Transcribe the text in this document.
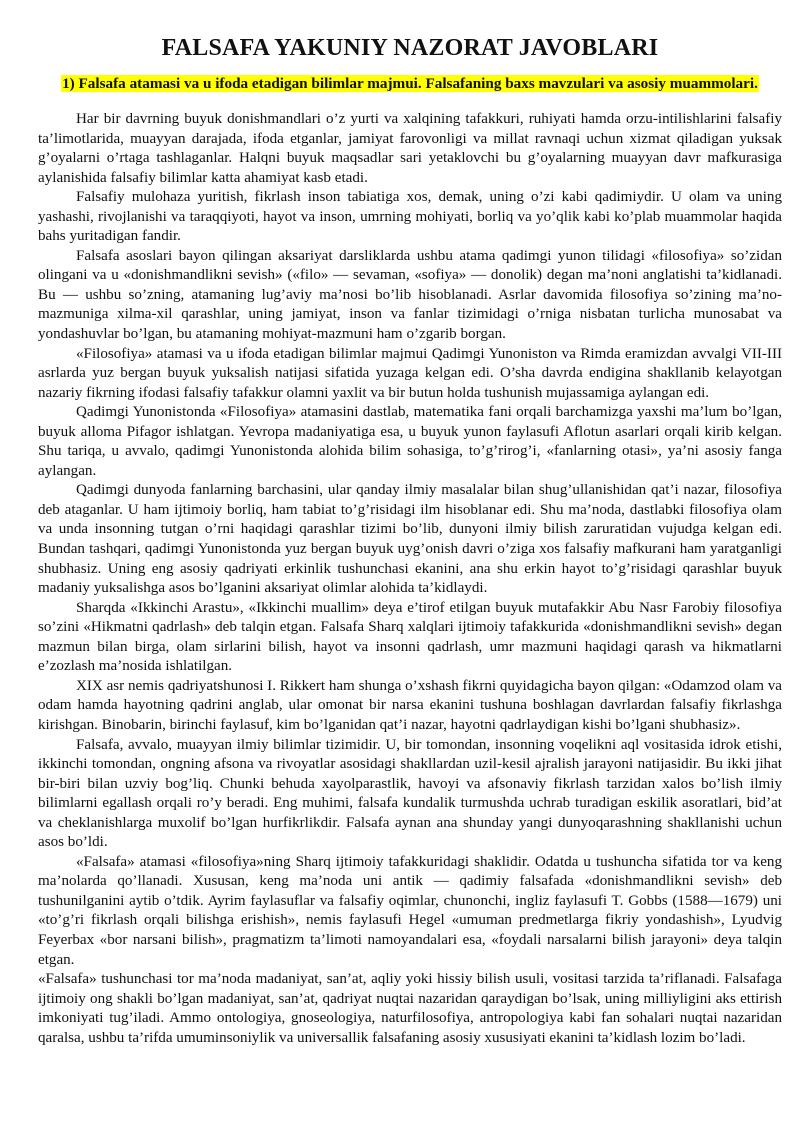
FALSAFA YAKUNIY NAZORAT JAVOBLARI
1) Falsafa atamasi va u ifoda etadigan bilimlar majmui. Falsafaning baxs mavzulari va asosiy muammolari.

Har bir davrning buyuk donishmandlari o’z yurti va xalqining tafakkuri, ruhiyati hamda orzu-intilishlarini falsafiy ta’limotlarida, muayyan darajada, ifoda etganlar, jamiyat farovonligi va millat ravnaqi uchun xizmat qiladigan yuksak g’oyalarni o’rtaga tashlaganlar. Halqni buyuk maqsadlar sari yetaklovchi bu g’oyalarning muayyan davr mafkurasiga aylanishida falsafiy bilimlar katta ahamiyat kasb etadi.

Falsafiy mulohaza yuritish, fikrlash inson tabiatiga xos, demak, uning o’zi kabi qadimiydir. U olam va uning yashashi, rivojlanishi va taraqqiyoti, hayot va inson, umrning mohiyati, borliq va yo’qlik kabi ko’plab muammolar haqida bahs yuritadigan fandir.

Falsafa asoslari bayon qilingan aksariyat darsliklarda ushbu atama qadimgi yunon tilidagi «filosofiya» so’zidan olingani va u «donishmandlikni sevish» («filo» — sevaman, «sofiya» — donolik) degan ma’noni anglatishi ta’kidlanadi. Bu — ushbu so’zning, atamaning lug’aviy ma’nosi bo’lib hisoblanadi. Asrlar davomida filosofiya so’zining ma’no-mazmuniga xilma-xil qarashlar, uning jamiyat, inson va fanlar tizimidagi o’rniga nisbatan turlicha munosabat va yondashuvlar bo’lgan, bu atamaning mohiyat-mazmuni ham o’zgarib borgan.

«Filosofiya» atamasi va u ifoda etadigan bilimlar majmui Qadimgi Yunoniston va Rimda eramizdan avvalgi VII-III asrlarda yuz bergan buyuk yuksalish natijasi sifatida yuzaga kelgan edi. O’sha davrda endigina shakllanib kelayotgan nazariy fikrning ifodasi falsafiy tafakkur olamni yaxlit va bir butun holda tushunish mujassamiga aylangan edi.

Qadimgi Yunonistonda «Filosofiya» atamasini dastlab, matematika fani orqali barchamizga yaxshi ma’lum bo’lgan, buyuk alloma Pifagor ishlatgan. Yevropa madaniyatiga esa, u buyuk yunon faylasufi Aflotun asarlari orqali kirib kelgan. Shu tariqa, u avvalo, qadimgi Yunonistonda alohida bilim sohasiga, to’g’rirog’i, «fanlarning otasi», ya’ni asosiy fanga aylangan.

Qadimgi dunyoda fanlarning barchasini, ular qanday ilmiy masalalar bilan shug’ullanishidan qat’i nazar, filosofiya deb ataganlar. U ham ijtimoiy borliq, ham tabiat to’g’risidagi ilm hisoblanar edi. Shu ma’noda, dastlabki filosofiya olam va unda insonning tutgan o’rni haqidagi qarashlar tizimi bo’lib, dunyoni ilmiy bilish zaruratidan vujudga kelgan edi. Bundan tashqari, qadimgi Yunonistonda yuz bergan buyuk uyg’onish davri o’ziga xos falsafiy mafkurani ham yaratganligi shubhasiz. Uning eng asosiy qadriyati erkinlik tushunchasi ekanini, ana shu erkin hayot to’g’risidagi qarashlar buyuk madaniy yuksalishga asos bo’lganini aksariyat olimlar alohida ta’kidlaydi.

Sharqda «Ikkinchi Arastu», «Ikkinchi muallim» deya e’tirof etilgan buyuk mutafakkir Abu Nasr Farobiy filosofiya so’zini «Hikmatni qadrlash» deb talqin etgan. Falsafa Sharq xalqlari ijtimoiy tafakkurida «donishmandlikni sevish» degan mazmun bilan birga, olam sirlarini bilish, hayot va insonni qadrlash, umr mazmuni haqidagi qarash va hikmatlarni e’zozlash ma’nosida ishlatilgan.

XIX asr nemis qadriyatshunosi I. Rikkert ham shunga o’xshash fikrni quyidagicha bayon qilgan: «Odamzod olam va odam hamda hayotning qadrini anglab, ular omonat bir narsa ekanini tushuna boshlagan davrlardan falsafiy fikrlashga kirishgan. Binobarin, birinchi faylasuf, kim bo’lganidan qat’i nazar, hayotni qadrlaydigan kishi bo’lgani shubhasiz».

Falsafa, avvalo, muayyan ilmiy bilimlar tizimidir. U, bir tomondan, insonning voqelikni aql vositasida idrok etishi, ikkinchi tomondan, ongning afsona va rivoyatlar asosidagi shakllardan uzil-kesil ajralish jarayoni natijasidir. Bu ikki jihat bir-biri bilan uzviy bog’liq. Chunki behuda xayolparastlik, havoyi va afsonaviy fikrlash tarzidan xalos bo’lish ilmiy bilimlarni egallash orqali ro’y beradi. Eng muhimi, falsafa kundalik turmushda uchrab turadigan eskilik asoratlari, bid’at va cheklanishlarga muxolif bo’lgan hurfikrlikdir. Falsafa aynan ana shunday yangi dunyoqarashning shakllanishi uchun asos bo’ldi.

«Falsafa» atamasi «filosofiya»ning Sharq ijtimoiy tafakkuridagi shaklidir. Odatda u tushuncha sifatida tor va keng ma’nolarda qo’llanadi. Xususan, keng ma’noda uni antik — qadimiy falsafada «donishmandlikni sevish» deb tushunilganini aytib o’tdik. Ayrim faylasuflar va falsafiy oqimlar, chunonchi, ingliz faylasufi T. Gobbs (1588—1679) uni «to’g’ri fikrlash orqali bilishga erishish», nemis faylasufi Hegel «umuman predmetlarga fikriy yondashish», Lyudvig Feyerbax «bor narsani bilish», pragmatizm ta’limoti namoyandalari esa, «foydali narsalarni bilish jarayoni» deya talqin etgan.

«Falsafa» tushunchasi tor ma’noda madaniyat, san’at, aqliy yoki hissiy bilish usuli, vositasi tarzida ta’riflanadi. Falsafaga ijtimoiy ong shakli bo’lgan madaniyat, san’at, qadriyat nuqtai nazaridan qaraydigan bo’lsak, uning milliyligini aks ettirish imkoniyati tug’iladi. Ammo ontologiya, gnoseologiya, naturfilosofiya, antropologiya kabi fan sohalari nuqtai nazaridan qaralsa, ushbu ta’rifda umuminsoniylik va universallik falsafaning asosiy xususiyati ekanini ta’kidlash lozim bo’ladi.
